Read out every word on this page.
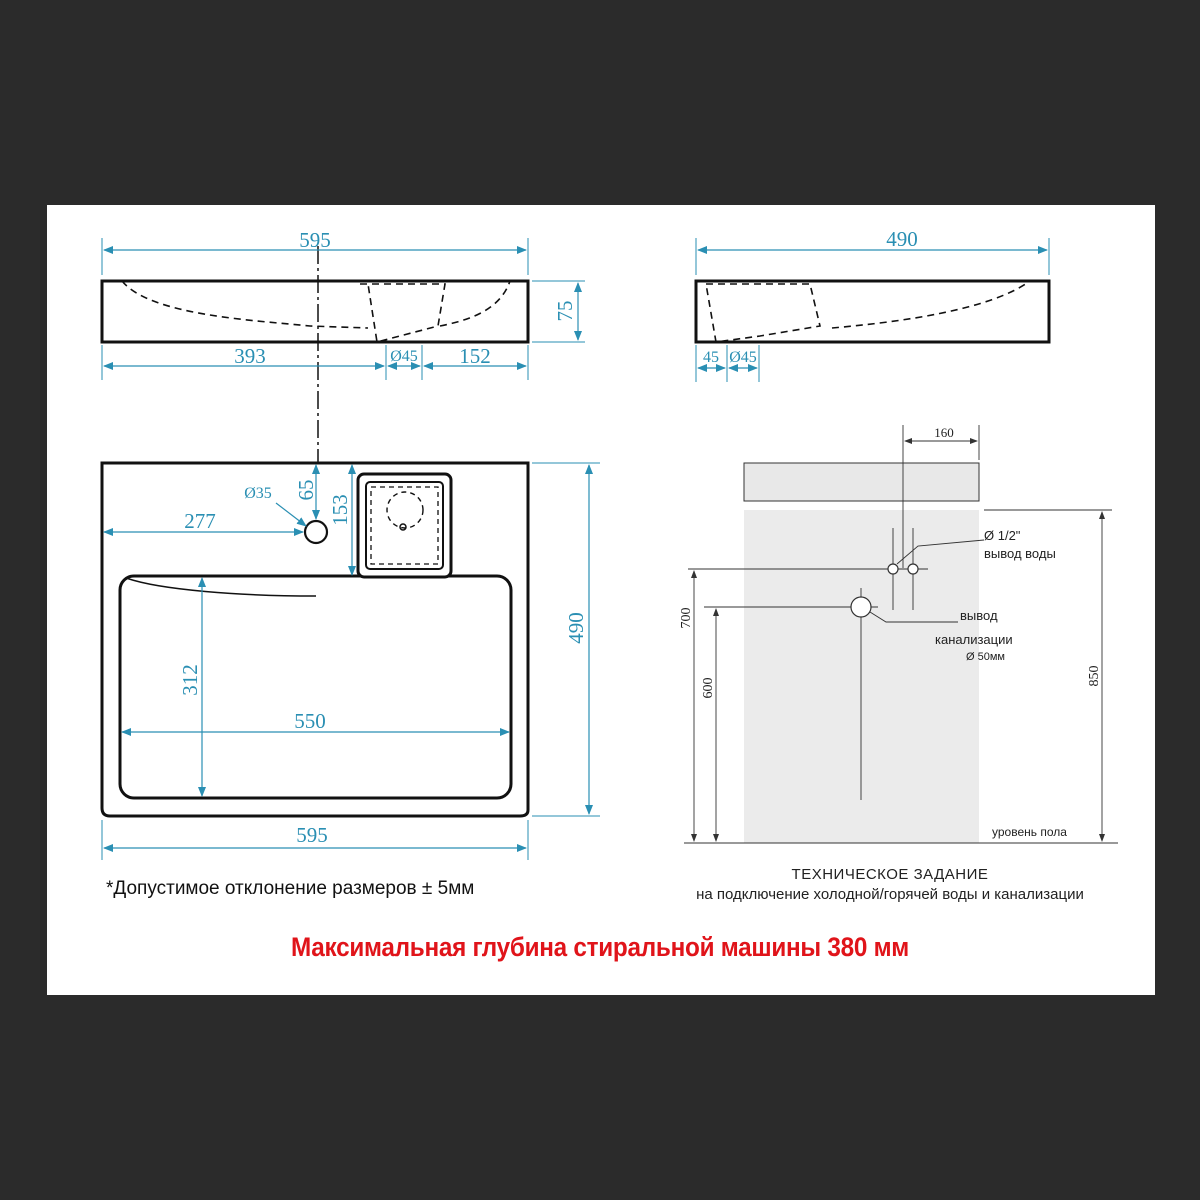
595
75
393	Ø45 152
490
45 Ø45
595
490
277
Ø35 65
153
312
550
160
Ø 1/2"
вывод воды
вывод
канализации
Ø 50мм
уровень пола
700
600
850
*Допустимое отклонение размеров ± 5мм
ТЕХНИЧЕСКОЕ ЗАДАНИЕ
на подключение холодной/горячей воды и канализации
Максимальная глубина стиральной машины 380 мм
